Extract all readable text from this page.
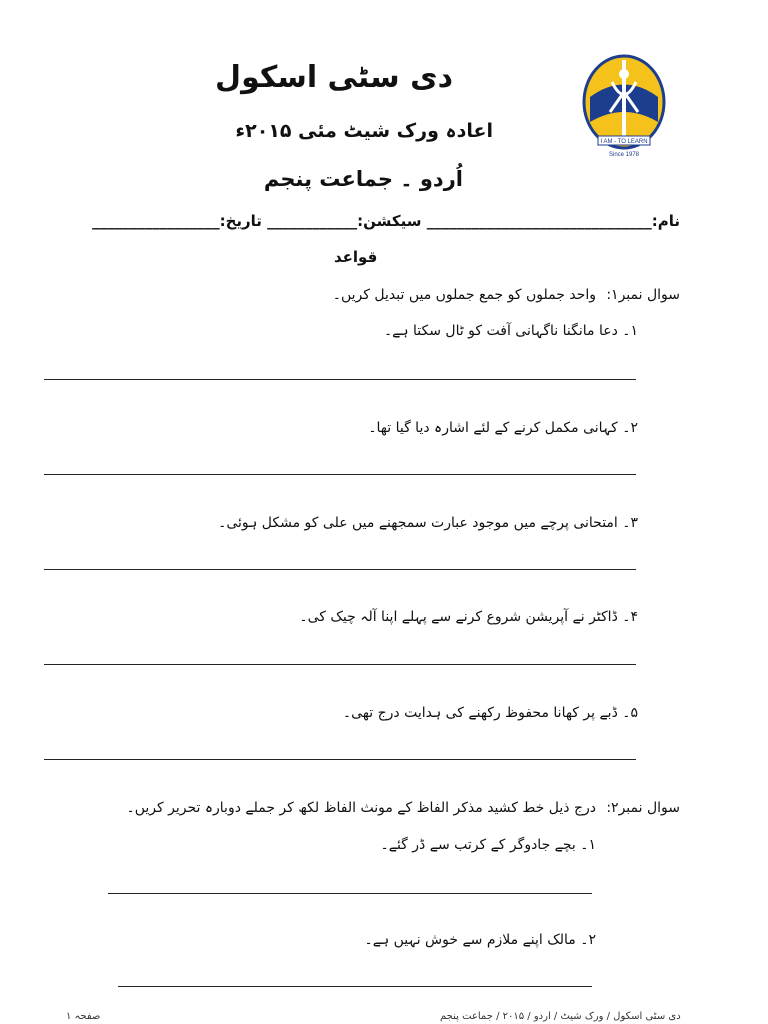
دی سٹی اسکول
اعادہ ورک شیٹ مئی ۲۰۱۵ء
اُردو ۔ جماعت پنجم
I AM - TO LEARN
Since 1978
نام:______________________________ سیکشن:____________ تاریخ:_________________
قواعد
سوال نمبر۱:
واحد جملوں کو جمع جملوں میں تبدیل کریں۔
۱۔ دعا مانگنا ناگہانی آفت کو ٹال سکتا ہے۔
۲۔ کہانی مکمل کرنے کے لئے اشارہ دیا گیا تھا۔
۳۔ امتحانی پرچے میں موجود عبارت سمجھنے میں علی کو مشکل ہوئی۔
۴۔ ڈاکٹر نے آپریشن شروع کرنے سے پہلے اپنا آلہ چیک کی۔
۵۔ ڈبے پر کھانا محفوظ رکھنے کی ہدایت درج تھی۔
سوال نمبر۲:
درج ذیل خط کشید مذکر الفاظ کے مونث الفاظ لکھ کر جملے دوبارہ تحریر کریں۔
۱۔ بچے جادوگر کے کرتب سے ڈر گئے۔
۲۔ مالک اپنے ملازم سے خوش نہیں ہے۔
صفحہ ۱	دی سٹی اسکول / ورک شیٹ / اردو / ۲۰۱۵ / جماعت پنجم
